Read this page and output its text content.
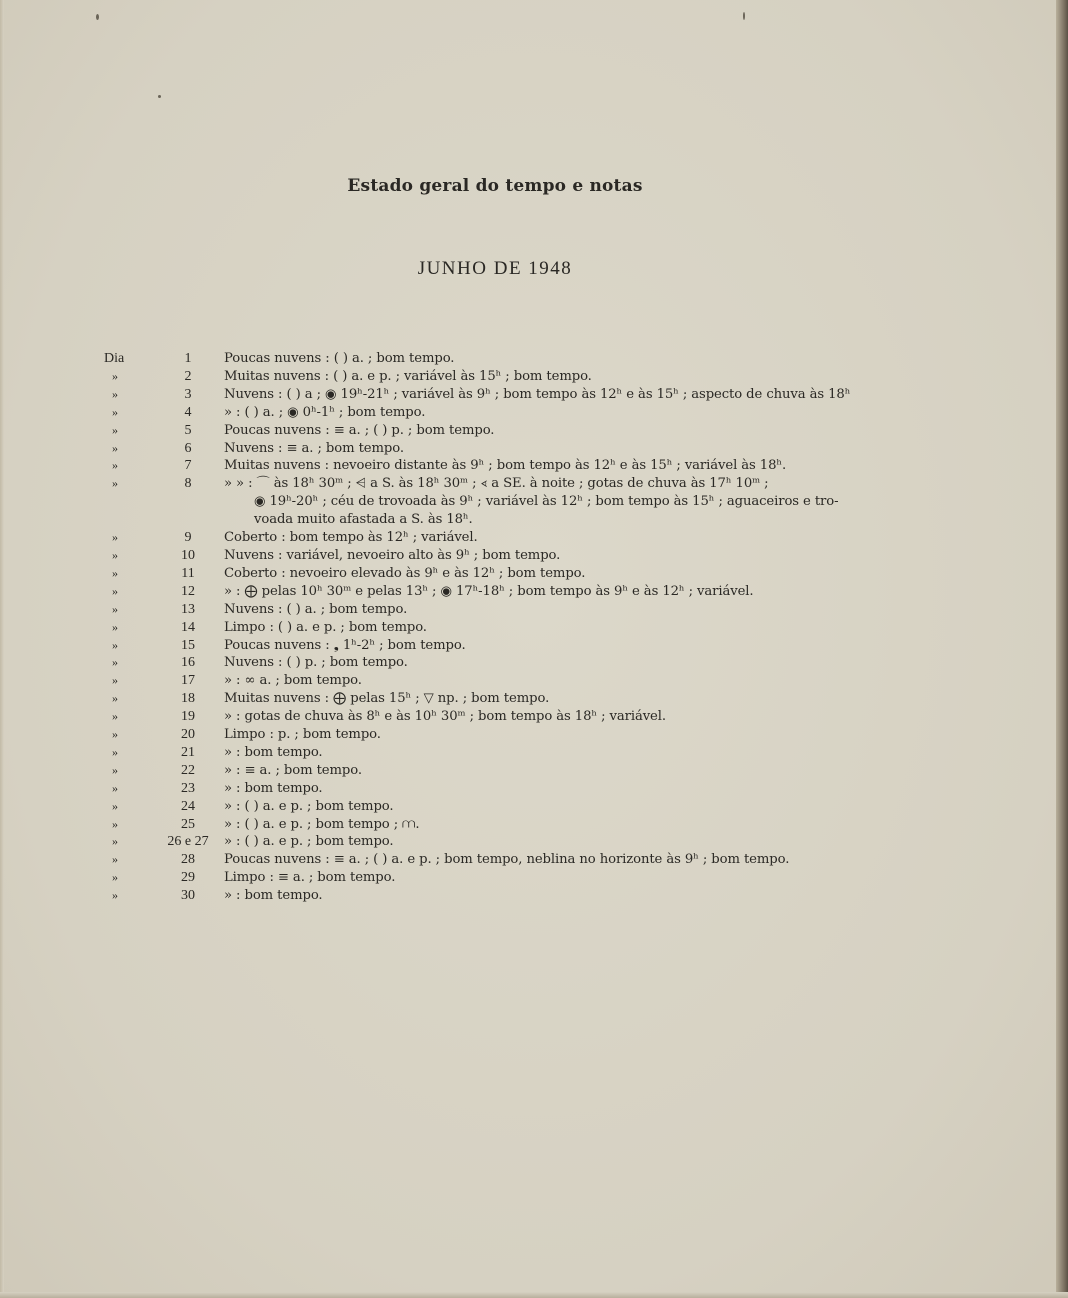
Estado geral do tempo e notas
JUNHO DE 1948
Dia	1	Poucas nuvens : ( ) a. ; bom tempo.
»	2	Muitas nuvens : ( ) a. e p. ; variável às 15ʰ ; bom tempo.
»	3	Nuvens : ( ) a ; ◉ 19ʰ-21ʰ ; variável às 9ʰ ; bom tempo às 12ʰ e às 15ʰ ; aspecto de chuva às 18ʰ
»	4	» : ( ) a. ; ◉ 0ʰ-1ʰ ; bom tempo.
»	5	Poucas nuvens : ≡ a. ; ( ) p. ; bom tempo.
»	6	Nuvens : ≡ a. ; bom tempo.
»	7	Muitas nuvens : nevoeiro distante às 9ʰ ; bom tempo às 12ʰ e às 15ʰ ; variável às 18ʰ.
»	8	» » : ⌒ às 18ʰ 30ᵐ ; ⩤ a S. às 18ʰ 30ᵐ ; ∢ a SE. à noite ; gotas de chuva às 17ʰ 10ᵐ ;
◉ 19ʰ-20ʰ ; céu de trovoada às 9ʰ ; variável às 12ʰ ; bom tempo às 15ʰ ; aguaceiros e tro-
voada muito afastada a S. às 18ʰ.
»	9	Coberto : bom tempo às 12ʰ ; variável.
»	10	Nuvens : variável, nevoeiro alto às 9ʰ ; bom tempo.
»	11	Coberto : nevoeiro elevado às 9ʰ e às 12ʰ ; bom tempo.
»	12	» : ⨁ pelas 10ʰ 30ᵐ e pelas 13ʰ ; ◉ 17ʰ-18ʰ ; bom tempo às 9ʰ e às 12ʰ ; variável.
»	13	Nuvens : ( ) a. ; bom tempo.
»	14	Limpo : ( ) a. e p. ; bom tempo.
»	15	Poucas nuvens : ❟ 1ʰ-2ʰ ; bom tempo.
»	16	Nuvens : ( ) p. ; bom tempo.
»	17	» : ∞ a. ; bom tempo.
»	18	Muitas nuvens : ⨁ pelas 15ʰ ; ▽ np. ; bom tempo.
»	19	» : gotas de chuva às 8ʰ e às 10ʰ 30ᵐ ; bom tempo às 18ʰ ; variável.
»	20	Limpo : p. ; bom tempo.
»	21	» : bom tempo.
»	22	» : ≡ a. ; bom tempo.
»	23	» : bom tempo.
»	24	» : ( ) a. e p. ; bom tempo.
»	25	» : ( ) a. e p. ; bom tempo ; ⩋.
»	26 e 27	» : ( ) a. e p. ; bom tempo.
»	28	Poucas nuvens : ≡ a. ; ( ) a. e p. ; bom tempo, neblina no horizonte às 9ʰ ; bom tempo.
»	29	Limpo : ≡ a. ; bom tempo.
»	30	» : bom tempo.
